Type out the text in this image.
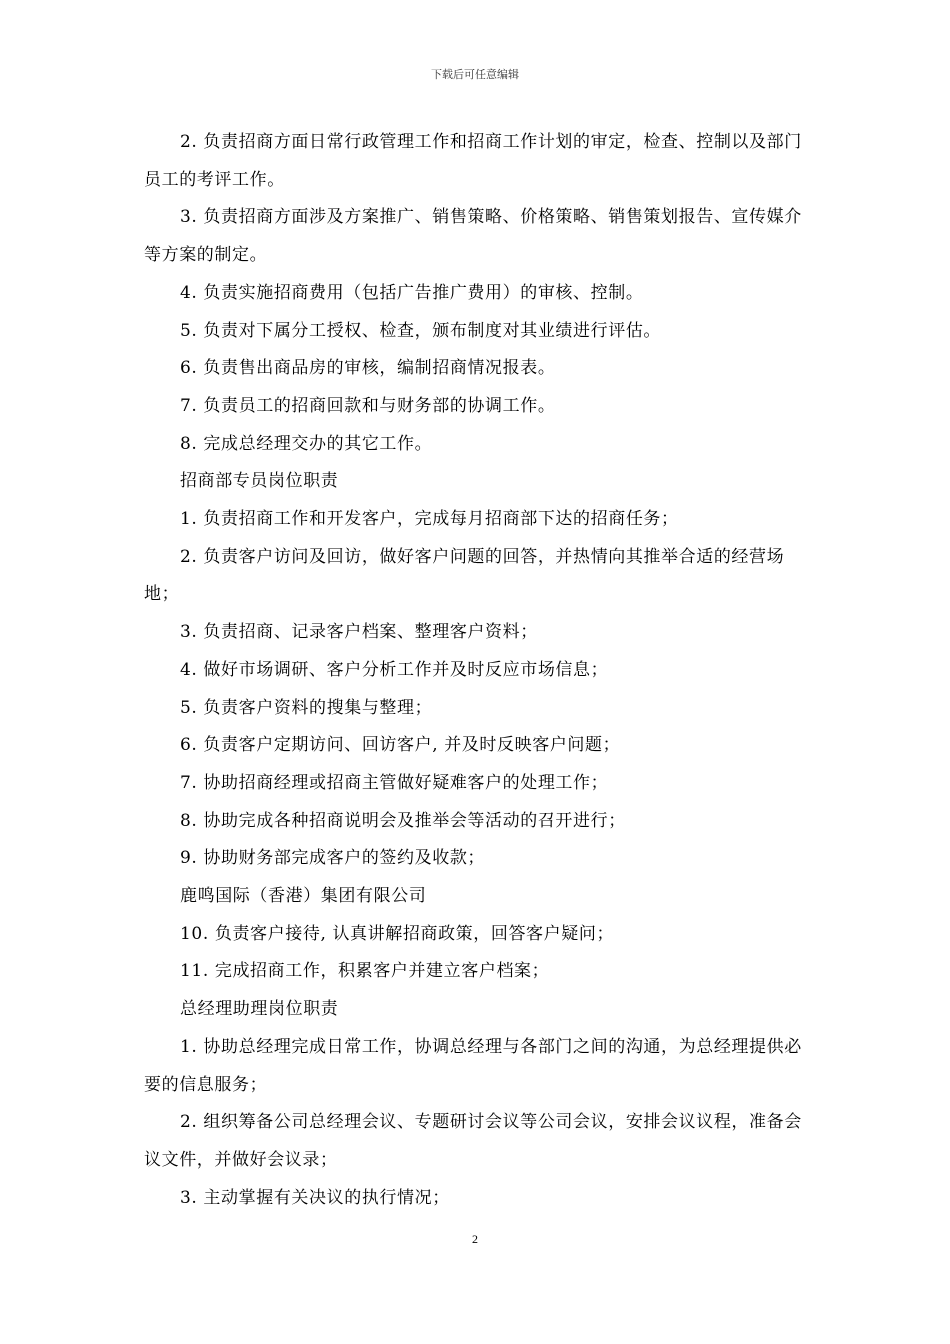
下载后可任意编辑

2. 负责招商方面日常行政管理工作和招商工作计划的审定，检查、控制以及部门员工的考评工作。

3. 负责招商方面涉及方案推广、销售策略、价格策略、销售策划报告、宣传媒介等方案的制定。

4. 负责实施招商费用（包括广告推广费用）的审核、控制。

5. 负责对下属分工授权、检查，颁布制度对其业绩进行评估。

6. 负责售出商品房的审核，编制招商情况报表。

7. 负责员工的招商回款和与财务部的协调工作。

8. 完成总经理交办的其它工作。

招商部专员岗位职责

1. 负责招商工作和开发客户，完成每月招商部下达的招商任务；

2. 负责客户访问及回访，做好客户问题的回答，并热情向其推举合适的经营场地；

3. 负责招商、记录客户档案、整理客户资料；

4. 做好市场调研、客户分析工作并及时反应市场信息；

5. 负责客户资料的搜集与整理；

6. 负责客户定期访问、回访客户, 并及时反映客户问题；

7. 协助招商经理或招商主管做好疑难客户的处理工作；

8. 协助完成各种招商说明会及推举会等活动的召开进行；

9. 协助财务部完成客户的签约及收款；

鹿鸣国际（香港）集团有限公司

10. 负责客户接待, 认真讲解招商政策，回答客户疑问；

11. 完成招商工作，积累客户并建立客户档案；

总经理助理岗位职责

1. 协助总经理完成日常工作，协调总经理与各部门之间的沟通，为总经理提供必要的信息服务；

2. 组织筹备公司总经理会议、专题研讨会议等公司会议，安排会议议程，准备会议文件，并做好会议录；

3. 主动掌握有关决议的执行情况；

2
